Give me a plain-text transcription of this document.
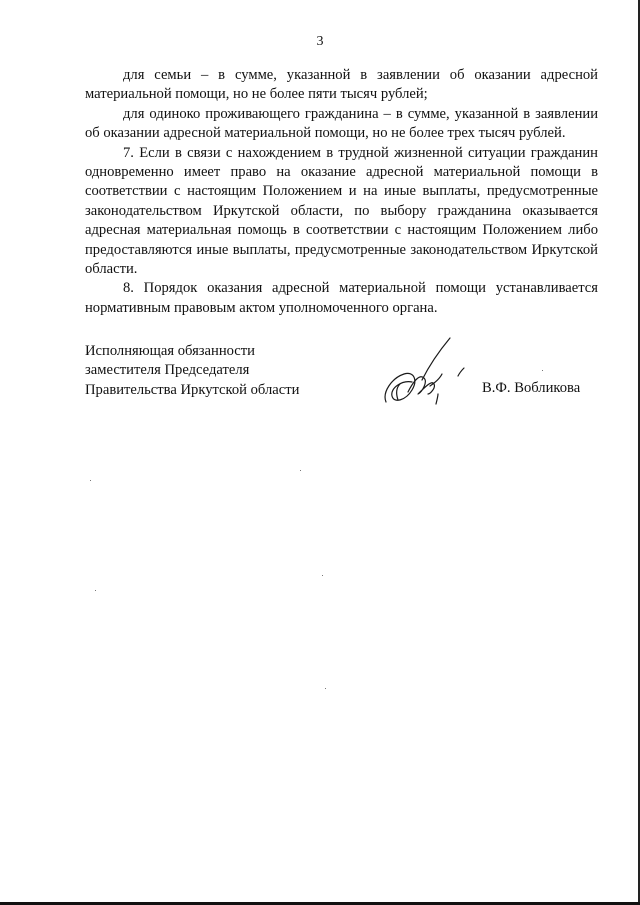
3

для семьи – в сумме, указанной в заявлении об оказании адресной материальной помощи, но не более пяти тысяч рублей;

для одиноко проживающего гражданина – в сумме, указанной в заявлении об оказании адресной материальной помощи, но не более трех тысяч рублей.

7. Если в связи с нахождением в трудной жизненной ситуации гражданин одновременно имеет право на оказание адресной материальной помощи в соответствии с настоящим Положением и на иные выплаты, предусмотренные законодательством Иркутской области, по выбору гражданина оказывается адресная материальная помощь в соответствии с настоящим Положением либо предоставляются иные выплаты, предусмотренные законодательством Иркутской области.

8. Порядок оказания адресной материальной помощи устанавливается нормативным правовым актом уполномоченного органа.

Исполняющая обязанности
заместителя Председателя
Правительства Иркутской области	В.Ф. Вобликова
